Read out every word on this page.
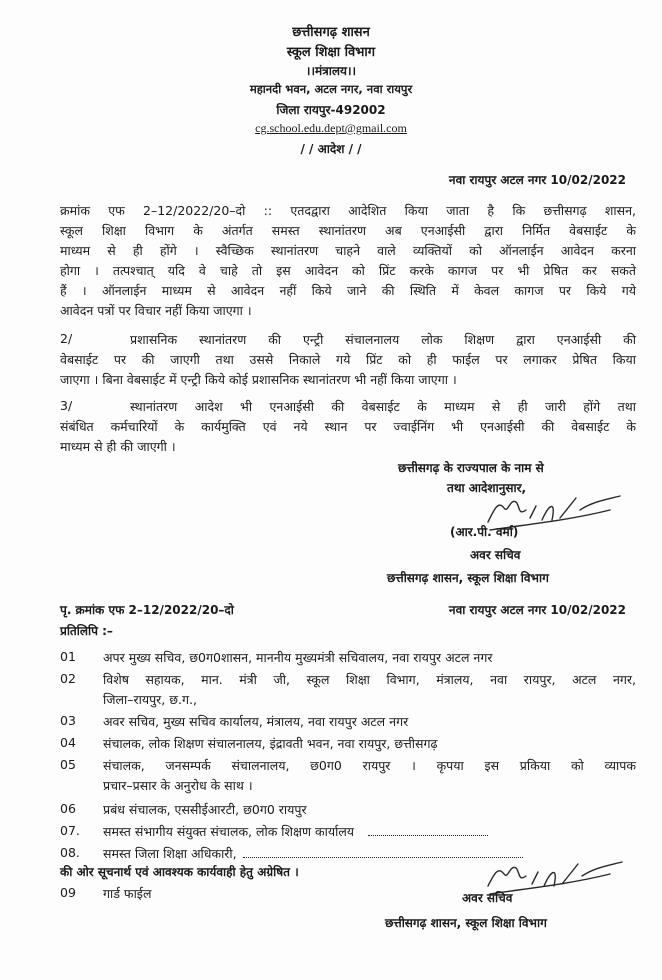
छत्तीसगढ़ शासन
स्कूल शिक्षा विभाग
।।मंत्रालय।।
महानदी भवन, अटल नगर, नवा रायपुर
जिला रायपुर-492002
cg.school.edu.dept@gmail.com
/ / आदेश / /
नवा रायपुर अटल नगर 10/02/2022
क्रमांक एफ 2–12/2022/20–दो :: एतदद्वारा आदेशित किया जाता है कि छत्तीसगढ़ शासन,
स्कूल शिक्षा विभाग के अंतर्गत समस्त स्थानांतरण अब एनआईसी द्वारा निर्मित वेबसाईट के
माध्यम से ही होंगे । स्वैच्छिक स्थानांतरण चाहने वाले व्यक्तियों को ऑनलाईन आवेदन करना
होगा । तत्पश्चात् यदि वे चाहे तो इस आवेदन को प्रिंट करके कागज पर भी प्रेषित कर सकते
हैं । ऑनलाईन माध्यम से आवेदन नहीं किये जाने की स्थिति में केवल कागज पर किये गये
आवेदन पत्रों पर विचार नहीं किया जाएगा ।
2/	प्रशासनिक स्थानांतरण की एन्ट्री संचालनालय लोक शिक्षण द्वारा एनआईसी की
वेबसाईट पर की जाएगी तथा उससे निकाले गये प्रिंट को ही फाईल पर लगाकर प्रेषित किया
जाएगा । बिना वेबसाईट में एन्ट्री किये कोई प्रशासनिक स्थानांतरण भी नहीं किया जाएगा ।
3/	स्थानांतरण आदेश भी एनआईसी की वेबसाईट के माध्यम से ही जारी होंगे तथा
संबंधित कर्मचारियों के कार्यमुक्ति एवं नये स्थान पर ज्वाईनिंग भी एनआईसी की वेबसाईट के
माध्यम से ही की जाएगी ।
छत्तीसगढ़ के राज्यपाल के नाम से
तथा आदेशानुसार,
(आर.पी. वर्मा)
अवर सचिव
छत्तीसगढ़ शासन, स्कूल शिक्षा विभाग
पृ. क्रमांक एफ 2–12/2022/20–दो	नवा रायपुर अटल नगर 10/02/2022
प्रतिलिपि :–
01 अपर मुख्य सचिव, छ0ग0शासन, माननीय मुख्यमंत्री सचिवालय, नवा रायपुर अटल नगर
02 विशेष सहायक, मान. मंत्री जी, स्कूल शिक्षा विभाग, मंत्रालय, नवा रायपुर, अटल नगर,
जिला–रायपुर, छ.ग.,
03 अवर सचिव, मुख्य सचिव कार्यालय, मंत्रालय, नवा रायपुर अटल नगर
04 संचालक, लोक शिक्षण संचालनालय, इंद्रावती भवन, नवा रायपुर, छत्तीसगढ़
05 संचालक, जनसम्पर्क संचालनालय, छ0ग0 रायपुर । कृपया इस प्रकिया को व्यापक
प्रचार–प्रसार के अनुरोध के साथ ।
06 प्रबंध संचालक, एससीईआरटी, छ0ग0 रायपुर
07. समस्त संभागीय संयुक्त संचालक, लोक शिक्षण कार्यालय
08. समस्त जिला शिक्षा अधिकारी,
की ओर सूचनार्थ एवं आवश्यक कार्यवाही हेतु अग्रेषित ।
09 गार्ड फाईल	अवर सचिव
छत्तीसगढ़ शासन, स्कूल शिक्षा विभाग
